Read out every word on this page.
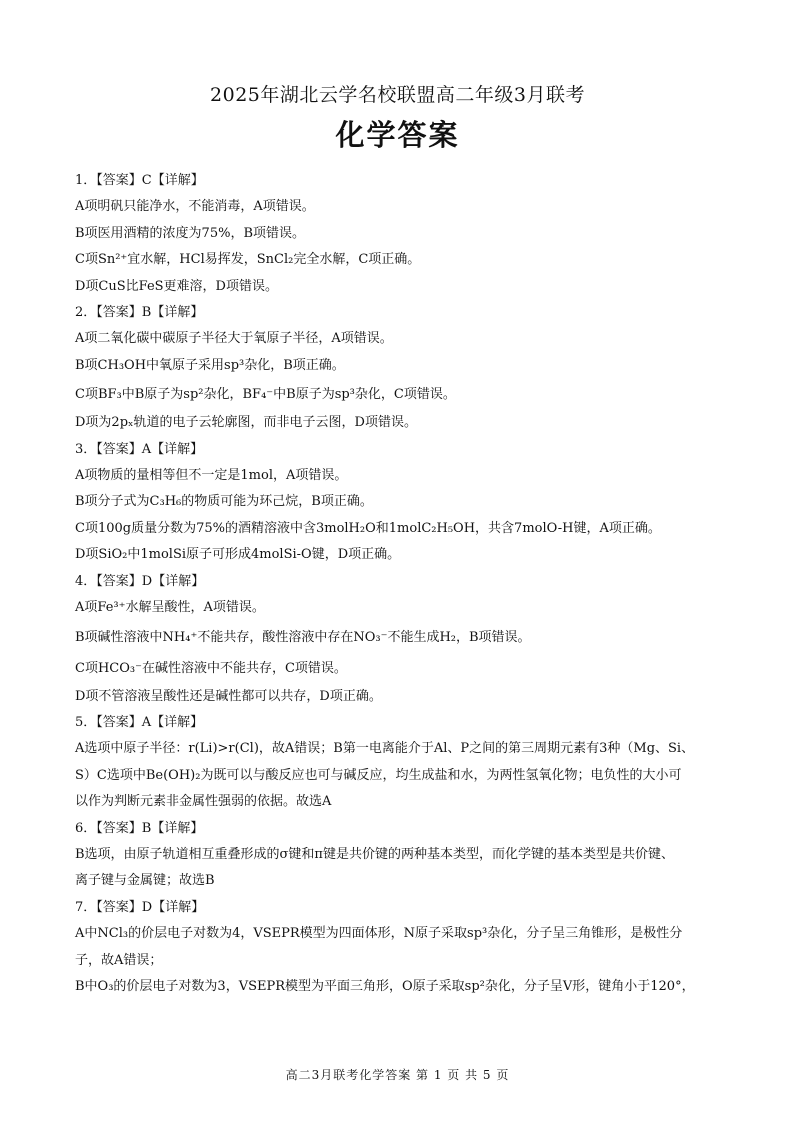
2025年湖北云学名校联盟高二年级3月联考
化学答案
1．【答案】C【详解】
A项明矾只能净水，不能消毒，A项错误。
B项医用酒精的浓度为75%，B项错误。
C项Sn²⁺宜水解，HCl易挥发，SnCl₂完全水解，C项正确。
D项CuS比FeS更难溶，D项错误。
2．【答案】B【详解】
A项二氧化碳中碳原子半径大于氧原子半径，A项错误。
B项CH₃OH中氧原子采用sp³杂化，B项正确。
C项BF₃中B原子为sp²杂化，BF₄⁻中B原子为sp³杂化，C项错误。
D项为2pₓ轨道的电子云轮廓图，而非电子云图，D项错误。
3．【答案】A【详解】
A项物质的量相等但不一定是1mol，A项错误。
B项分子式为C₃H₆的物质可能为环己烷，B项正确。
C项100g质量分数为75%的酒精溶液中含3molH₂O和1molC₂H₅OH，共含7molO-H键，A项正确。
D项SiO₂中1molSi原子可形成4molSi-O键，D项正确。
4．【答案】D【详解】
A项Fe³⁺水解呈酸性，A项错误。
B项碱性溶液中NH₄⁺不能共存，酸性溶液中存在NO₃⁻不能生成H₂，B项错误。
C项HCO₃⁻在碱性溶液中不能共存，C项错误。
D项不管溶液呈酸性还是碱性都可以共存，D项正确。
5．【答案】A【详解】
A选项中原子半径：r(Li)>r(Cl)，故A错误；B第一电离能介于Al、P之间的第三周期元素有3种（Mg、Si、
S）C选项中Be(OH)₂为既可以与酸反应也可与碱反应，均生成盐和水，为两性氢氧化物；电负性的大小可
以作为判断元素非金属性强弱的依据。故选A
6．【答案】B【详解】
B选项，由原子轨道相互重叠形成的σ键和π键是共价键的两种基本类型，而化学键的基本类型是共价键、
离子键与金属键；故选B
7．【答案】D【详解】
A中NCl₃的价层电子对数为4，VSEPR模型为四面体形，N原子采取sp³杂化，分子呈三角锥形，是极性分
子，故A错误；
B中O₃的价层电子对数为3，VSEPR模型为平面三角形，O原子采取sp²杂化，分子呈V形，键角小于120°，
高二3月联考化学答案 第 1 页 共 5 页
